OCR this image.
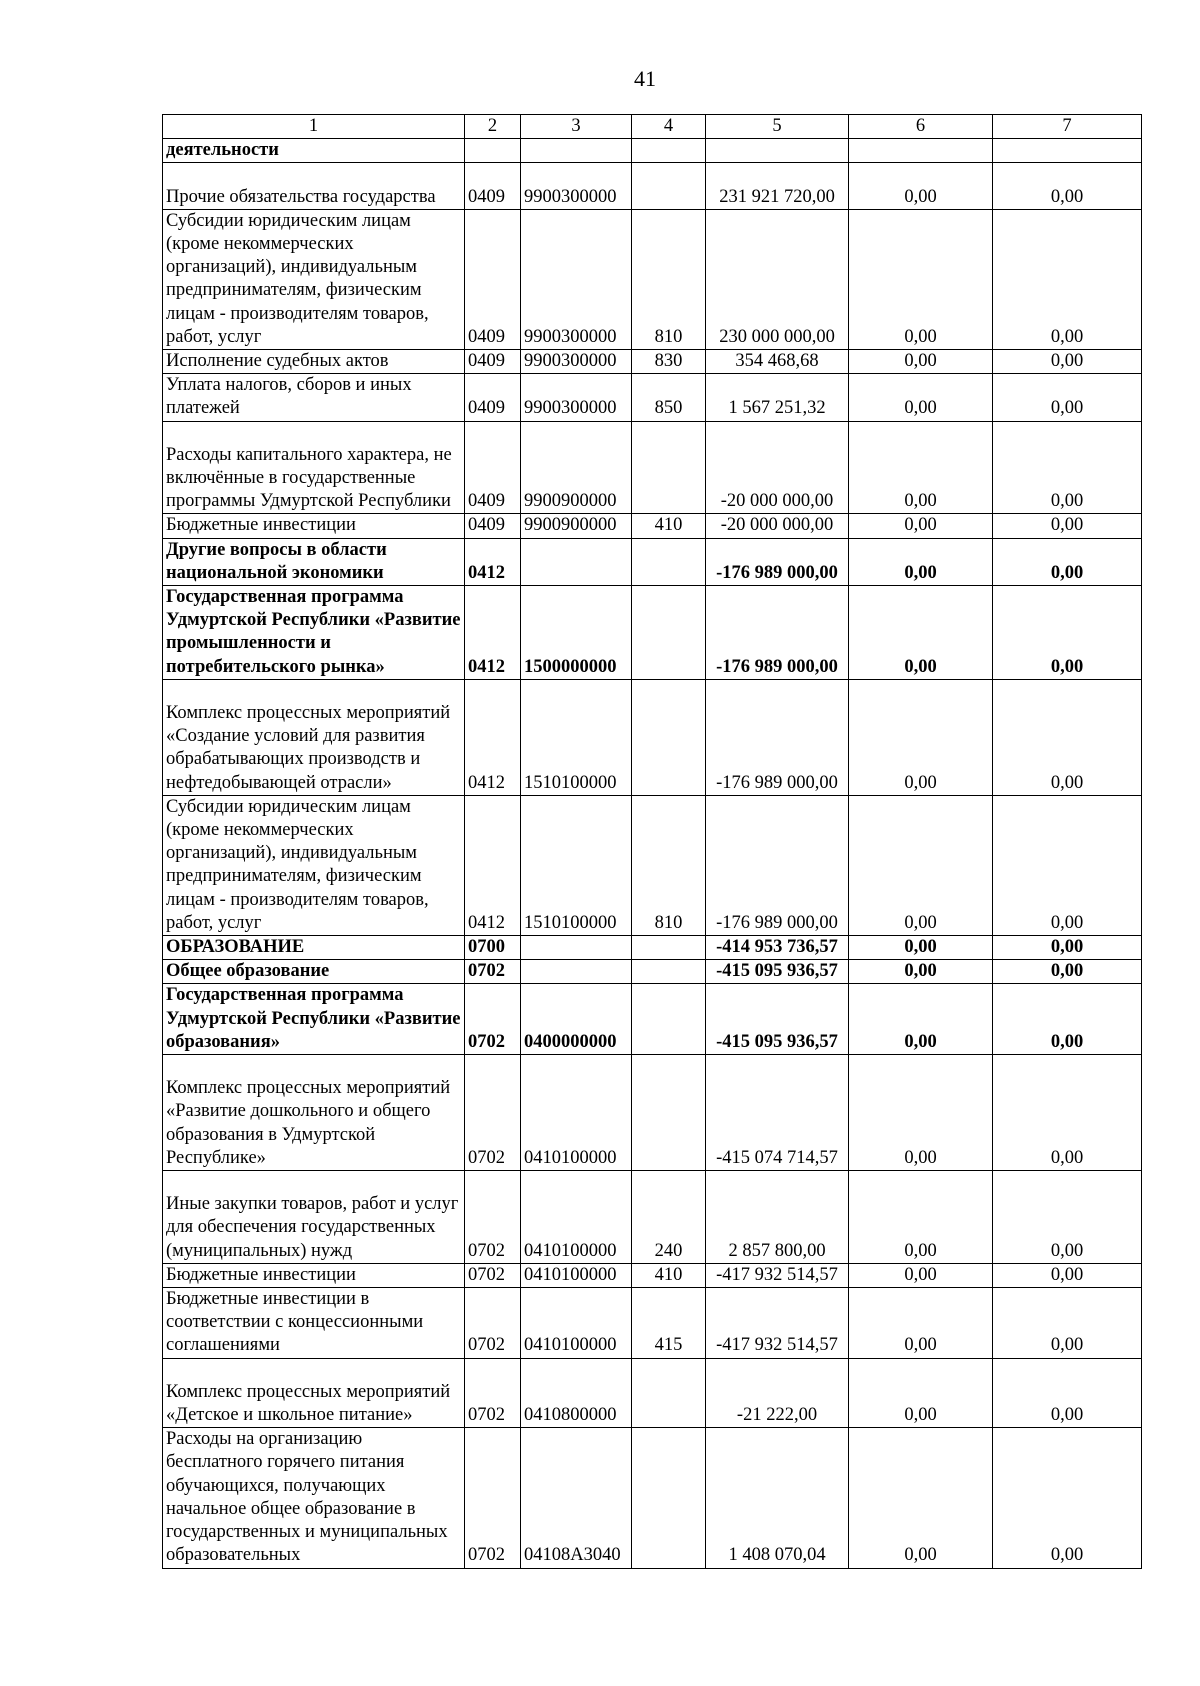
41
1	2	3	4	5	6	7
деятельности						
Прочие обязательства государства	0409	9900300000		231 921 720,00	0,00	0,00
Субсидии юридическим лицам (кроме некоммерческих организаций), индивидуальным предпринимателям, физическим лицам - производителям товаров, работ, услуг	0409	9900300000	810	230 000 000,00	0,00	0,00
Исполнение судебных актов	0409	9900300000	830	354 468,68	0,00	0,00
Уплата налогов, сборов и иных платежей	0409	9900300000	850	1 567 251,32	0,00	0,00
Расходы капитального характера, не включённые в государственные программы Удмуртской Республики	0409	9900900000		-20 000 000,00	0,00	0,00
Бюджетные инвестиции	0409	9900900000	410	-20 000 000,00	0,00	0,00
Другие вопросы в области национальной экономики	0412			-176 989 000,00	0,00	0,00
Государственная программа Удмуртской Республики «Развитие промышленности и потребительского рынка»	0412	1500000000		-176 989 000,00	0,00	0,00
Комплекс процессных мероприятий «Создание условий для развития обрабатывающих производств и нефтедобывающей отрасли»	0412	1510100000		-176 989 000,00	0,00	0,00
Субсидии юридическим лицам (кроме некоммерческих организаций), индивидуальным предпринимателям, физическим лицам - производителям товаров, работ, услуг	0412	1510100000	810	-176 989 000,00	0,00	0,00
ОБРАЗОВАНИЕ	0700			-414 953 736,57	0,00	0,00
Общее образование	0702			-415 095 936,57	0,00	0,00
Государственная программа Удмуртской Республики «Развитие образования»	0702	0400000000		-415 095 936,57	0,00	0,00
Комплекс процессных мероприятий «Развитие дошкольного и общего образования в Удмуртской Республике»	0702	0410100000		-415 074 714,57	0,00	0,00
Иные закупки товаров, работ и услуг для обеспечения государственных (муниципальных) нужд	0702	0410100000	240	2 857 800,00	0,00	0,00
Бюджетные инвестиции	0702	0410100000	410	-417 932 514,57	0,00	0,00
Бюджетные инвестиции в соответствии с концессионными соглашениями	0702	0410100000	415	-417 932 514,57	0,00	0,00
Комплекс процессных мероприятий «Детское и школьное питание»	0702	0410800000		-21 222,00	0,00	0,00
Расходы на организацию бесплатного горячего питания обучающихся, получающих начальное общее образование в государственных и муниципальных образовательных	0702	04108A3040		1 408 070,04	0,00	0,00
